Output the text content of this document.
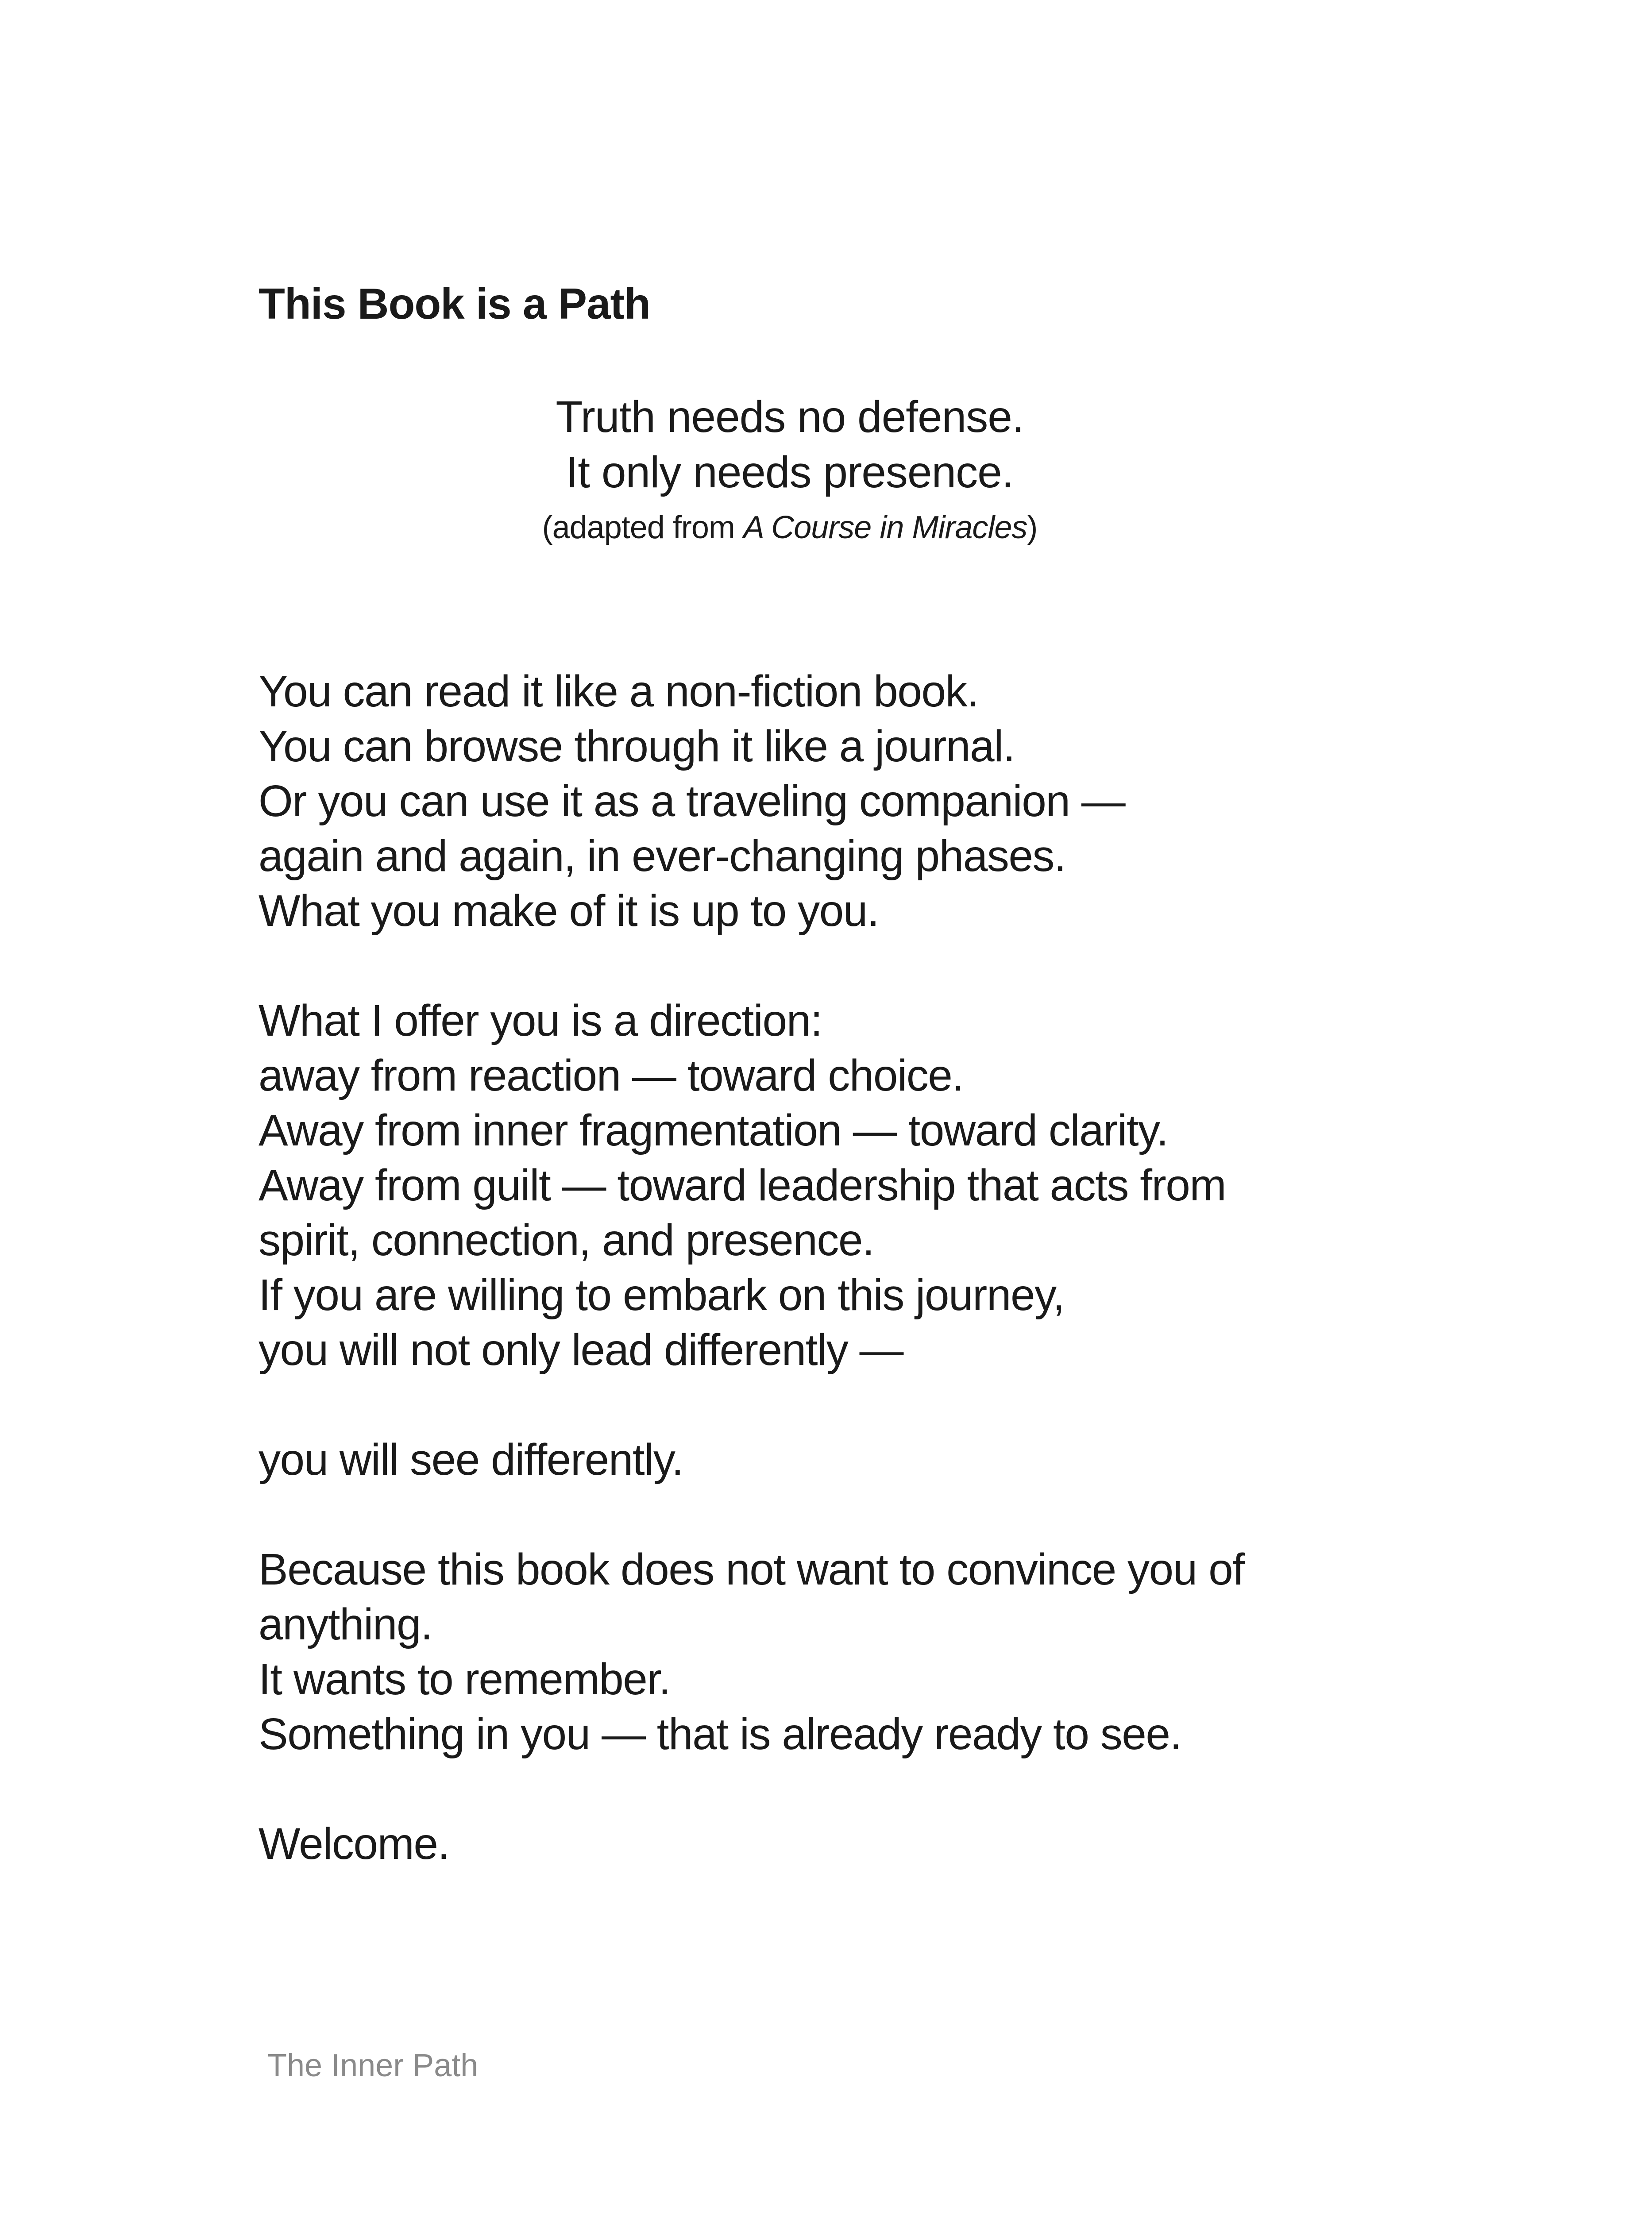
This Book is a Path
Truth needs no defense.
It only needs presence.
(adapted from A Course in Miracles)

You can read it like a non-fiction book.
You can browse through it like a journal.
Or you can use it as a traveling companion —
again and again, in ever-changing phases.
What you make of it is up to you.

What I offer you is a direction:
away from reaction — toward choice.
Away from inner fragmentation — toward clarity.
Away from guilt — toward leadership that acts from
spirit, connection, and presence.
If you are willing to embark on this journey,
you will not only lead differently —

you will see differently.

Because this book does not want to convince you of
anything.
It wants to remember.
Something in you — that is already ready to see.

Welcome.

The Inner Path
